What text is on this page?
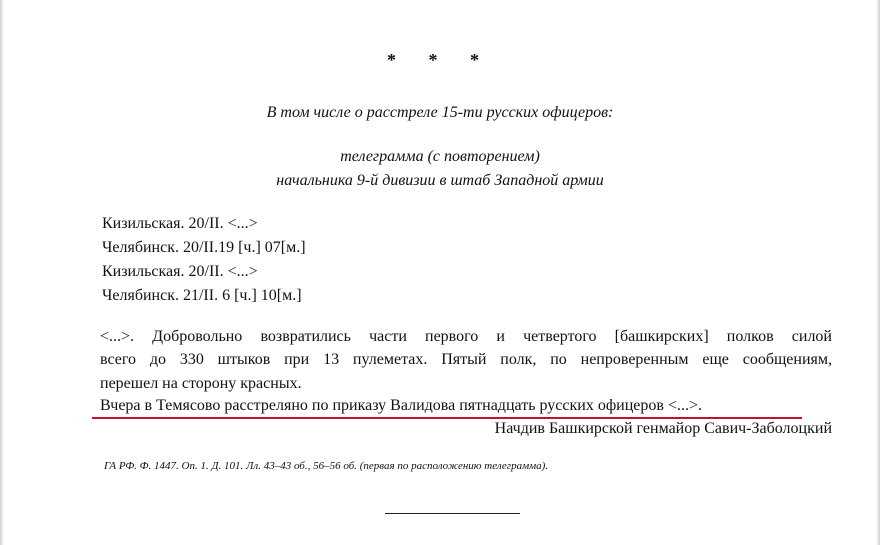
* * *
В том числе о расстреле 15-ти русских офицеров:
телеграмма (с повторением)
начальника 9-й дивизии в штаб Западной армии
Кизильская. 20/II. <...>
Челябинск. 20/II.19 [ч.] 07[м.]
Кизильская. 20/II. <...>
Челябинск. 21/II. 6 [ч.] 10[м.]
<...>. Добровольно возвратились части первого и четвертого [башкирских] полков силой
всего до 330 штыков при 13 пулеметах. Пятый полк, по непроверенным еще сообщениям,
перешел на сторону красных.
Вчера в Темясово расстреляно по приказу Валидова пятнадцать русских офицеров <...>.
Начдив Башкирской генмайор Савич-Заболоцкий
ГА РФ. Ф. 1447. Оп. 1. Д. 101. Лл. 43–43 об., 56–56 об. (первая по расположению телеграмма).
